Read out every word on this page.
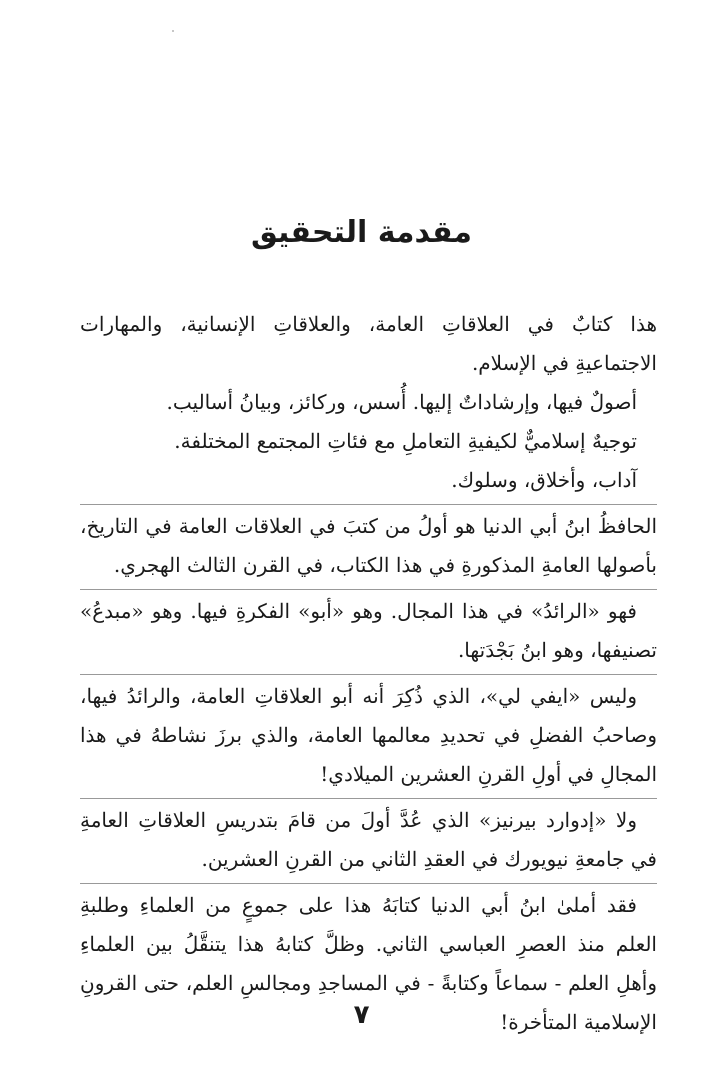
مقدمة التحقيق

هذا كتابٌ في العلاقاتِ العامة، والعلاقاتِ الإنسانية، والمهارات الاجتماعيةِ في الإسلام.

أصولٌ فيها، وإرشاداتٌ إليها. أُسس، وركائز، وبيانُ أساليب.

توجيهٌ إسلاميٌّ لكيفيةِ التعاملِ مع فئاتِ المجتمع المختلفة.

آداب، وأخلاق، وسلوك.

الحافظُ ابنُ أبي الدنيا هو أولُ من كتبَ في العلاقات العامة في التاريخ، بأصولها العامةِ المذكورةِ في هذا الكتاب، في القرن الثالث الهجري.

فهو «الرائدُ» في هذا المجال. وهو «أبو» الفكرةِ فيها. وهو «مبدعُ» تصنيفها، وهو ابنُ بَجْدَتها.

وليس «ايفي لي»، الذي ذُكِرَ أنه أبو العلاقاتِ العامة، والرائدُ فيها، وصاحبُ الفضلِ في تحديدِ معالمها العامة، والذي برزَ نشاطهُ في هذا المجالِ في أولِ القرنِ العشرين الميلادي!

ولا «إدوارد بيرنيز» الذي عُدَّ أولَ من قامَ بتدريسِ العلاقاتِ العامةِ في جامعةِ نيويورك في العقدِ الثاني من القرنِ العشرين.

فقد أملىٰ ابنُ أبي الدنيا كتابَهُ هذا على جموعٍ من العلماءِ وطلبةِ العلم منذ العصرِ العباسي الثاني. وظلَّ كتابهُ هذا يتنقَّلُ بين العلماءِ وأهلِ العلم - سماعاً وكتابةً - في المساجدِ ومجالسِ العلم، حتى القرونِ الإسلامية المتأخرة!

٧
